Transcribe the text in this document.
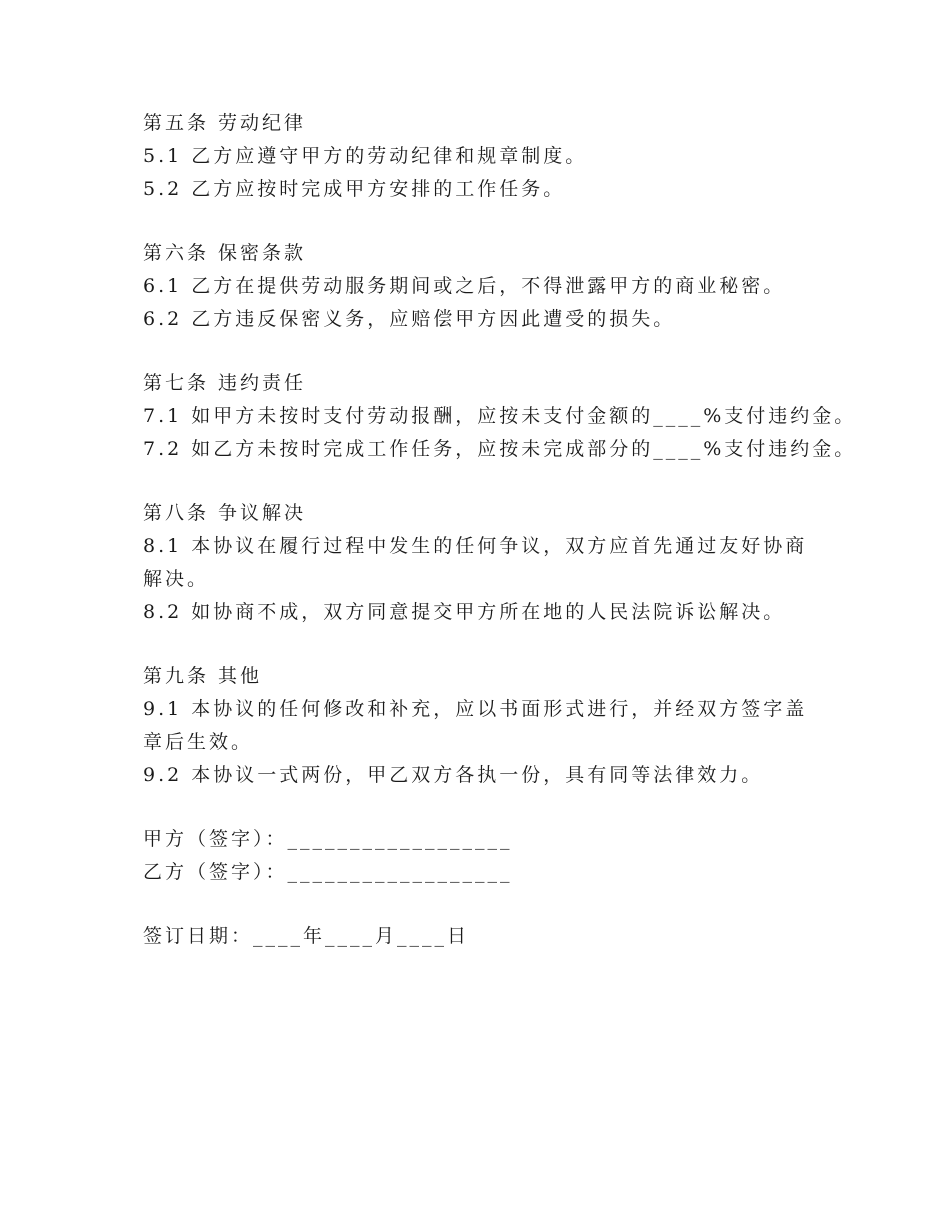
第五条 劳动纪律
5.1 乙方应遵守甲方的劳动纪律和规章制度。
5.2 乙方应按时完成甲方安排的工作任务。
第六条 保密条款
6.1 乙方在提供劳动服务期间或之后，不得泄露甲方的商业秘密。
6.2 乙方违反保密义务，应赔偿甲方因此遭受的损失。
第七条 违约责任
7.1 如甲方未按时支付劳动报酬，应按未支付金额的____%支付违约金。
7.2 如乙方未按时完成工作任务，应按未完成部分的____%支付违约金。
第八条 争议解决
8.1 本协议在履行过程中发生的任何争议，双方应首先通过友好协商
解决。
8.2 如协商不成，双方同意提交甲方所在地的人民法院诉讼解决。
第九条 其他
9.1 本协议的任何修改和补充，应以书面形式进行，并经双方签字盖
章后生效。
9.2 本协议一式两份，甲乙双方各执一份，具有同等法律效力。
甲方（签字）：__________________
乙方（签字）：__________________
签订日期：____年____月____日
